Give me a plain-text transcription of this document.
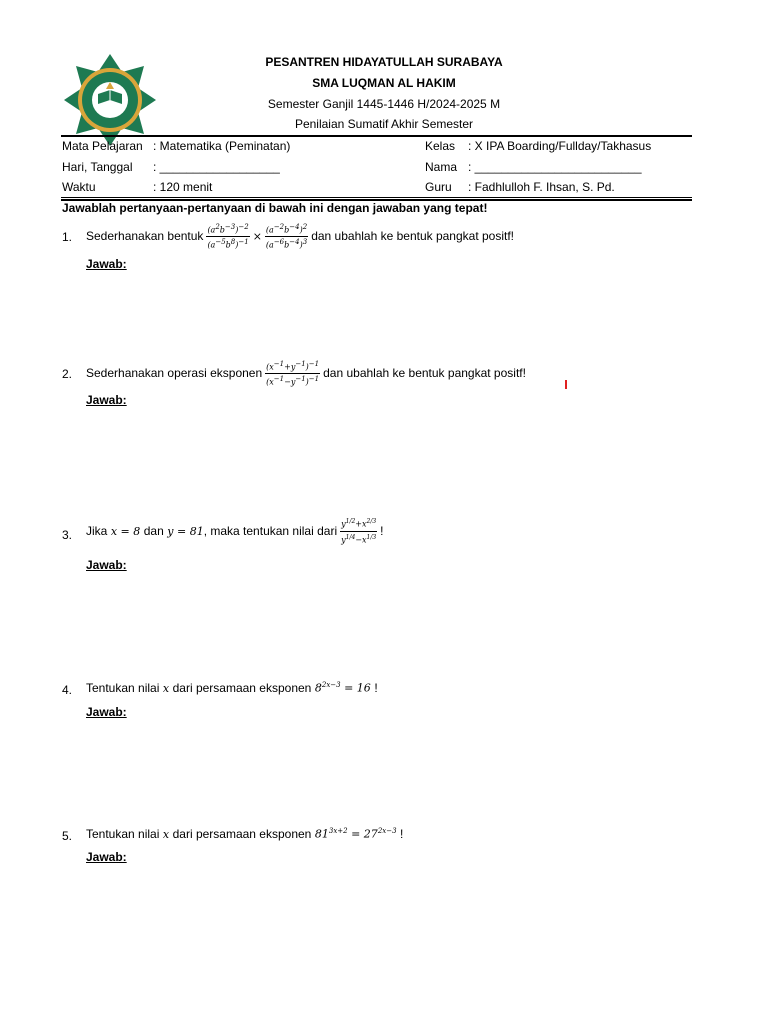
PESANTREN HIDAYATULLAH SURABAYA
SMA LUQMAN AL HAKIM
Semester Ganjil 1445-1446 H/2024-2025 M
Penilaian Sumatif Akhir Semester
Mata Pelajaran : Matematika (Peminatan)	Kelas : X IPA Boarding/Fullday/Takhasus
Hari, Tanggal : __________________	Nama : _________________________
Waktu	: 120 menit	Guru : Fadhlulloh F. Ihsan, S. Pd.
Jawablah pertanyaan-pertanyaan di bawah ini dengan jawaban yang tepat!
1. Sederhanakan bentuk $\frac{(a^2b^{-3})^{-2}}{(a^{-5}b^8)^{-1}} \times \frac{(a^{-2}b^{-4})^2}{(a^{-6}b^{-4})^3}$ dan ubahlah ke bentuk pangkat positf!
Jawab:
2. Sederhanakan operasi eksponen $\frac{(x^{-1}+y^{-1})^{-1}}{(x^{-1}-y^{-1})^{-1}}$ dan ubahlah ke bentuk pangkat positf!
Jawab:
3. Jika x = 8 dan y = 81 , maka tentukan nilai dari $\frac{y^{1/2}+x^{2/3}}{y^{1/4}-x^{1/3}}$ !
Jawab:
4. Tentukan nilai x dari persamaan eksponen $8^{2x-3} = 16$ !
Jawab:
5. Tentukan nilai x dari persamaan eksponen $81^{3x+2} = 27^{2x-3}$ !
Jawab:
